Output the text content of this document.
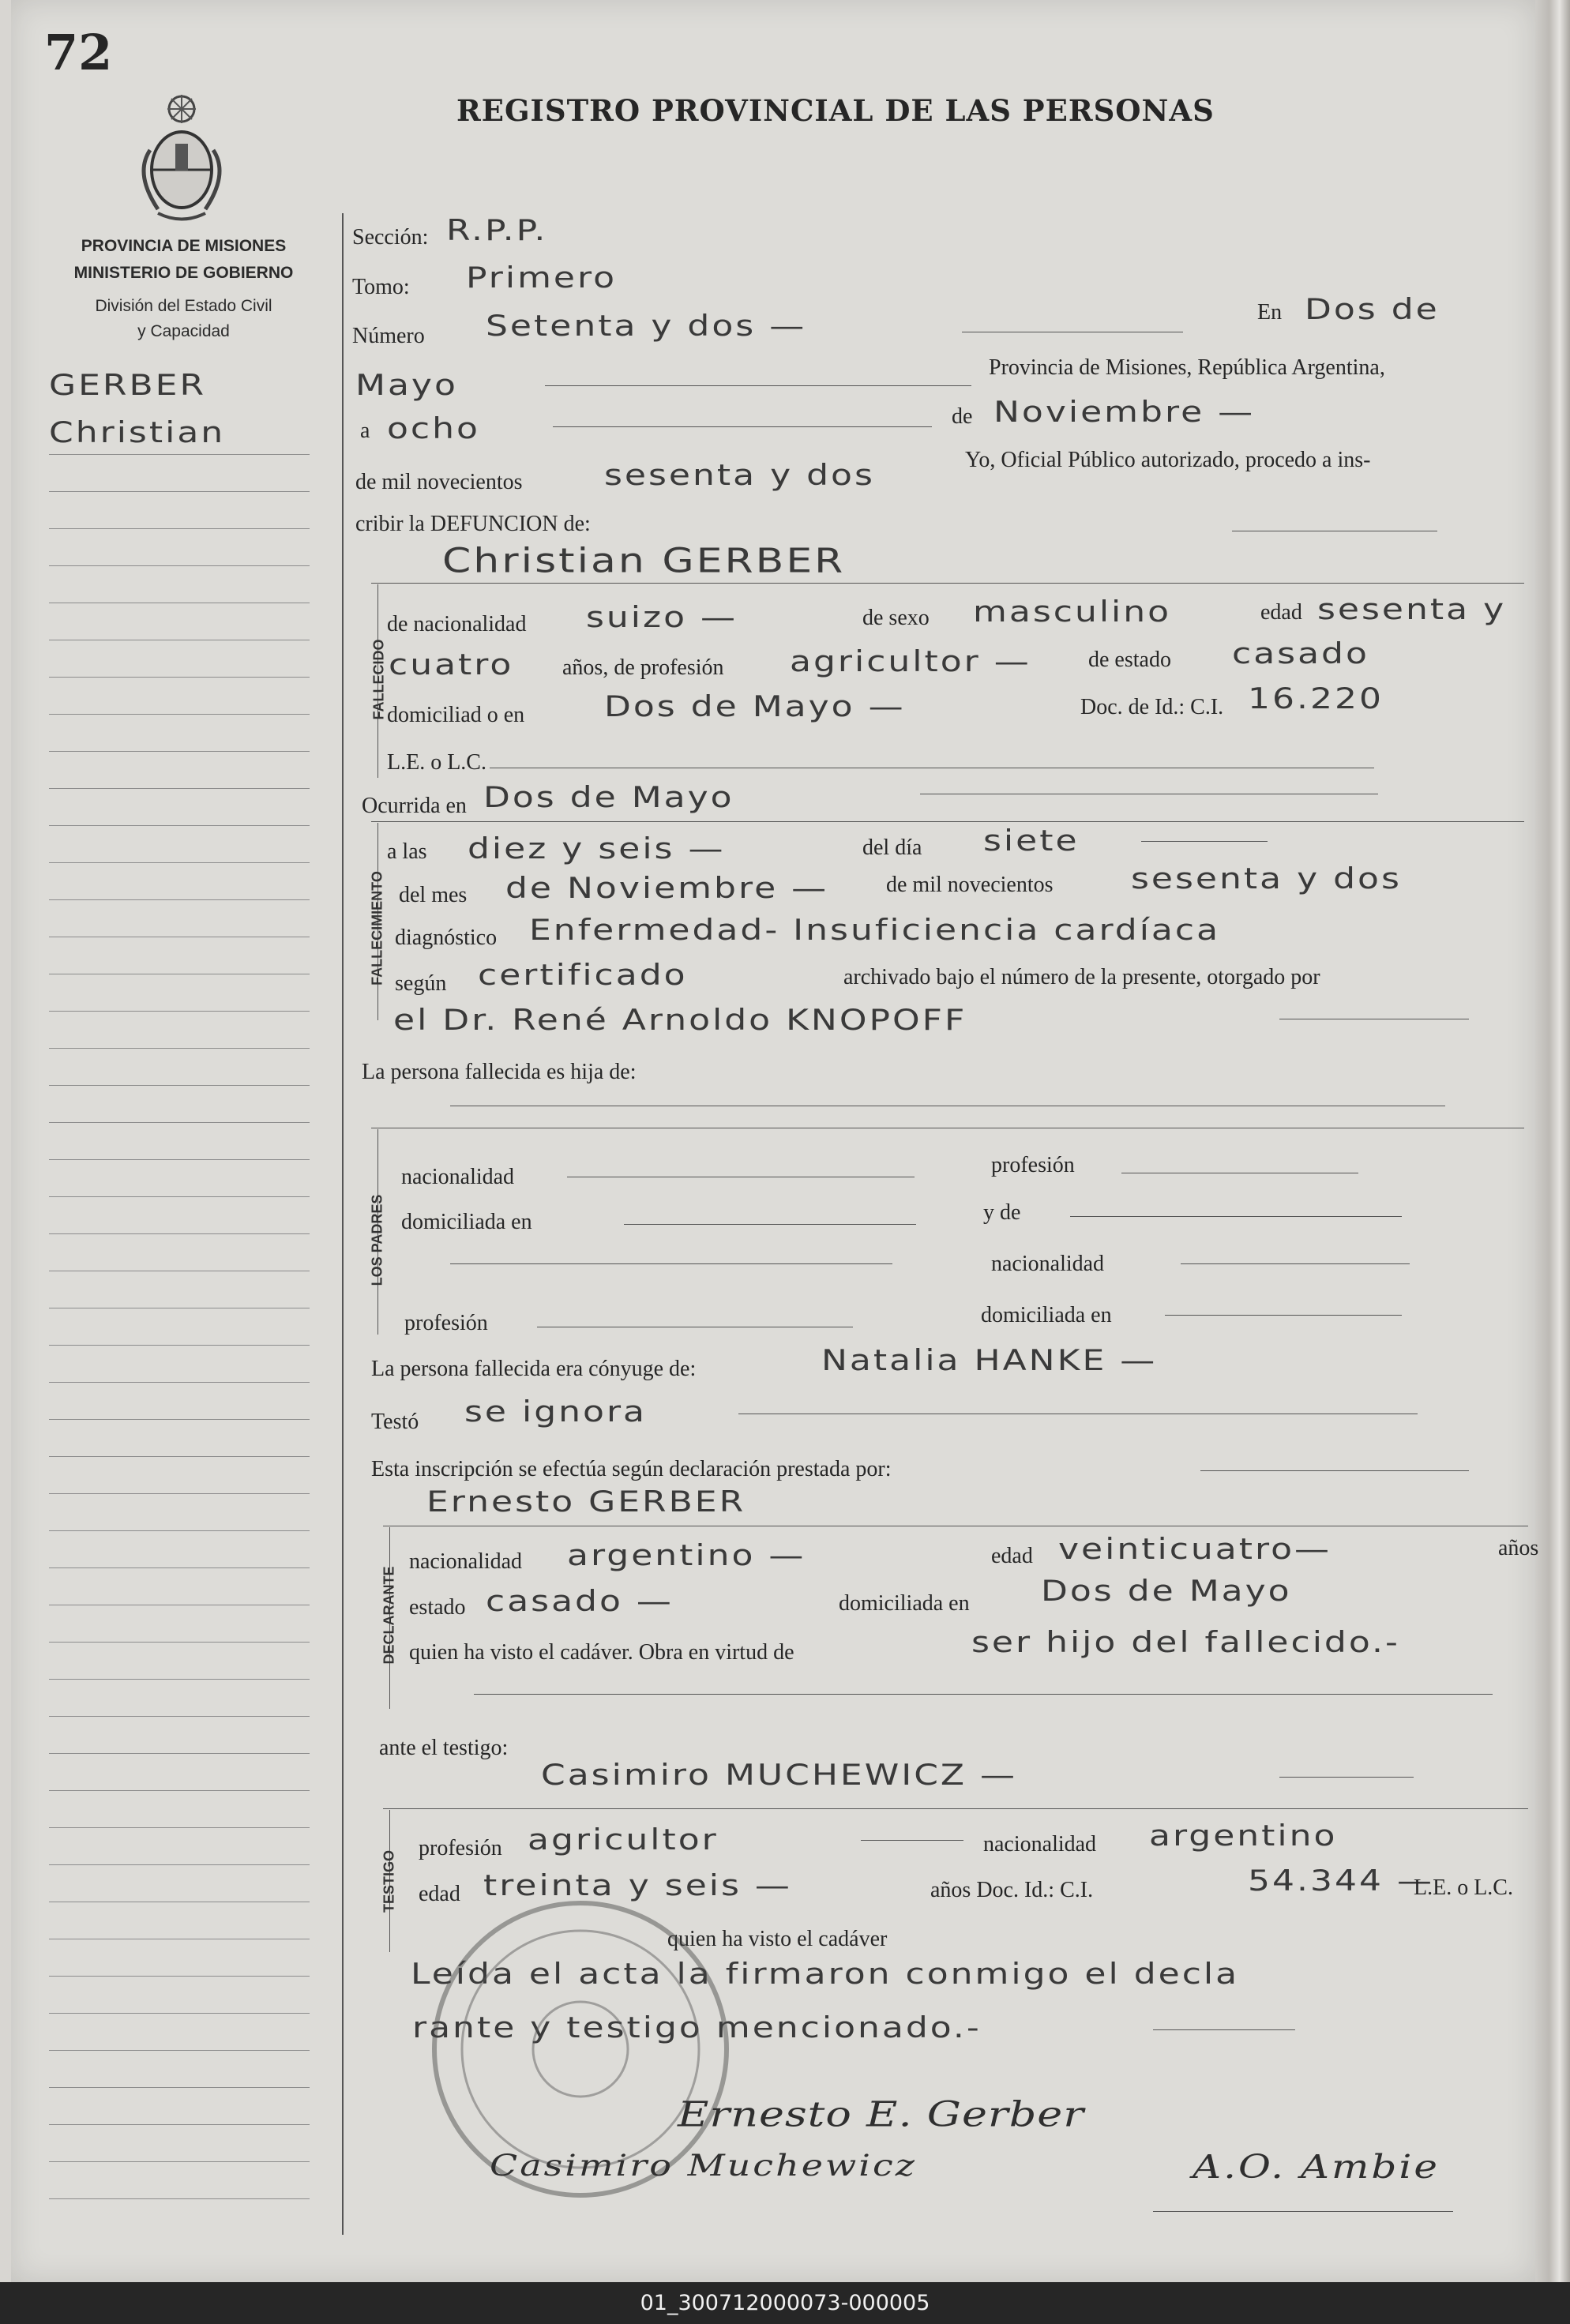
72
PROVINCIA DE MISIONES
MINISTERIO DE GOBIERNO
División del Estado Civil
y Capacidad
REGISTRO PROVINCIAL DE LAS PERSONAS
GERBER
Christian
Sección: R.P.P.
Tomo: Primero
Número Setenta y dos —	En Dos de
Mayo
Provincia de Misiones, República Argentina,
a ocho	de Noviembre —
de mil novecientos sesenta y dos	Yo, Oficial Público autorizado, procedo a ins-
cribir la DEFUNCION de:
Christian GERBER
FALLECIDO
de nacionalidad suizo —	de sexo masculino	edad sesenta y
cuatro años, de profesión agricultor —	de estado casado
domiciliad o en Dos de Mayo —	Doc. de Id.: C.I. 16.220
L.E. o L.C.
Ocurrida en Dos de Mayo
FALLECIMIENTO
a las diez y seis —	del día siete
del mes de Noviembre —	de mil novecientos sesenta y dos
diagnóstico Enfermedad- Insuficiencia cardíaca
según certificado	archivado bajo el número de la presente, otorgado por
el Dr. René Arnoldo KNOPOFF
La persona fallecida es hija de:
LOS PADRES
nacionalidad	profesión
domiciliada en	y de
nacionalidad
profesión	domiciliada en
La persona fallecida era cónyuge de:	Natalia HANKE —
Testó se ignora
Esta inscripción se efectúa según declaración prestada por:
Ernesto GERBER
DECLARANTE
nacionalidad argentino —	edad veinticuatro—	años
estado casado —	domiciliada en Dos de Mayo
quien ha visto el cadáver. Obra en virtud de	ser hijo del fallecido.-
ante el testigo:
Casimiro MUCHEWICZ —
TESTIGO
profesión agricultor	nacionalidad argentino
edad treinta y seis —	años Doc. Id.: C.I.	54.344 —
L.E. o L.C.
quien ha visto el cadáver
Leída el acta la firmaron conmigo el decla
rante y testigo mencionado.-
Ernesto E. Gerber
Casimiro Muchewicz	A.O. Ambie
01_300712000073-000005
